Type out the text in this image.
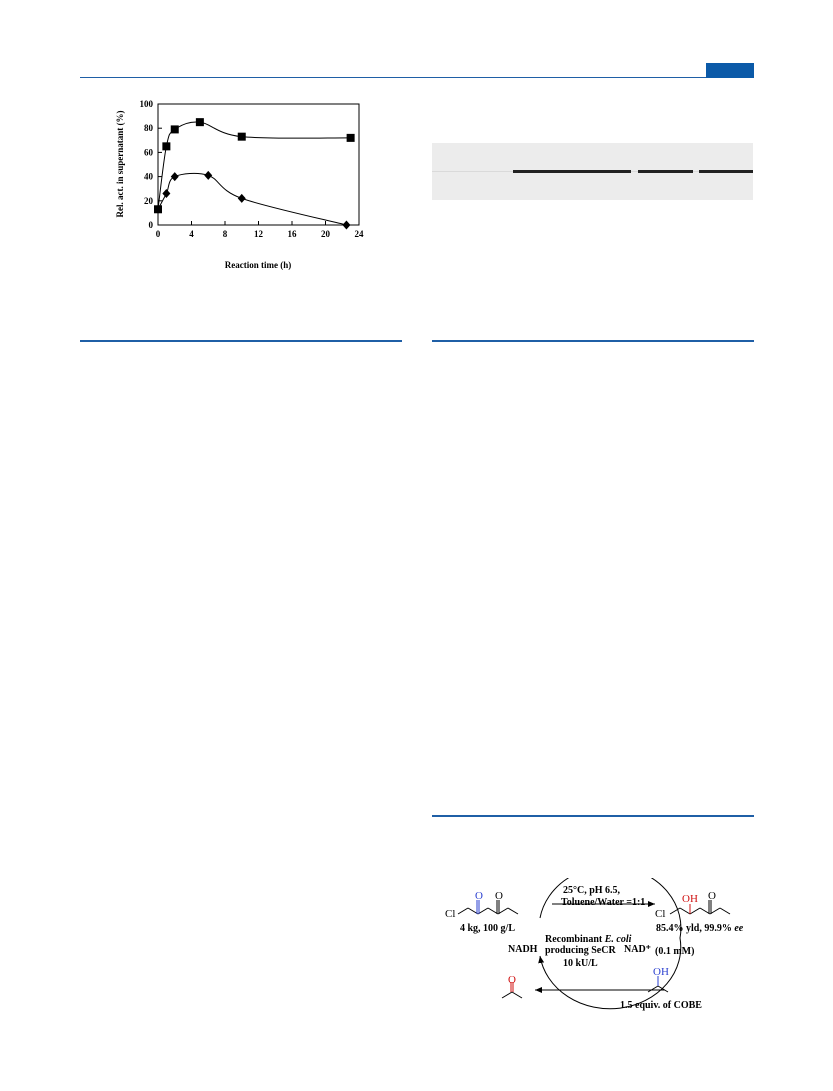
0	4	8	12	16	20	24
0
20
40
60
80
100
Reaction time (h)
Rel. act. in supernatant (%)
25°C, pH 6.5,
Toluene/Water =1:1
Cl
O O
4 kg, 100 g/L
Cl
OH O
85.4% yld, 99.9% ee
Recombinant E. coli
producing SeCR
10 kU/L
NADH	NAD⁺ (0.1 mM)
O
OH
1.5 equiv. of COBE
